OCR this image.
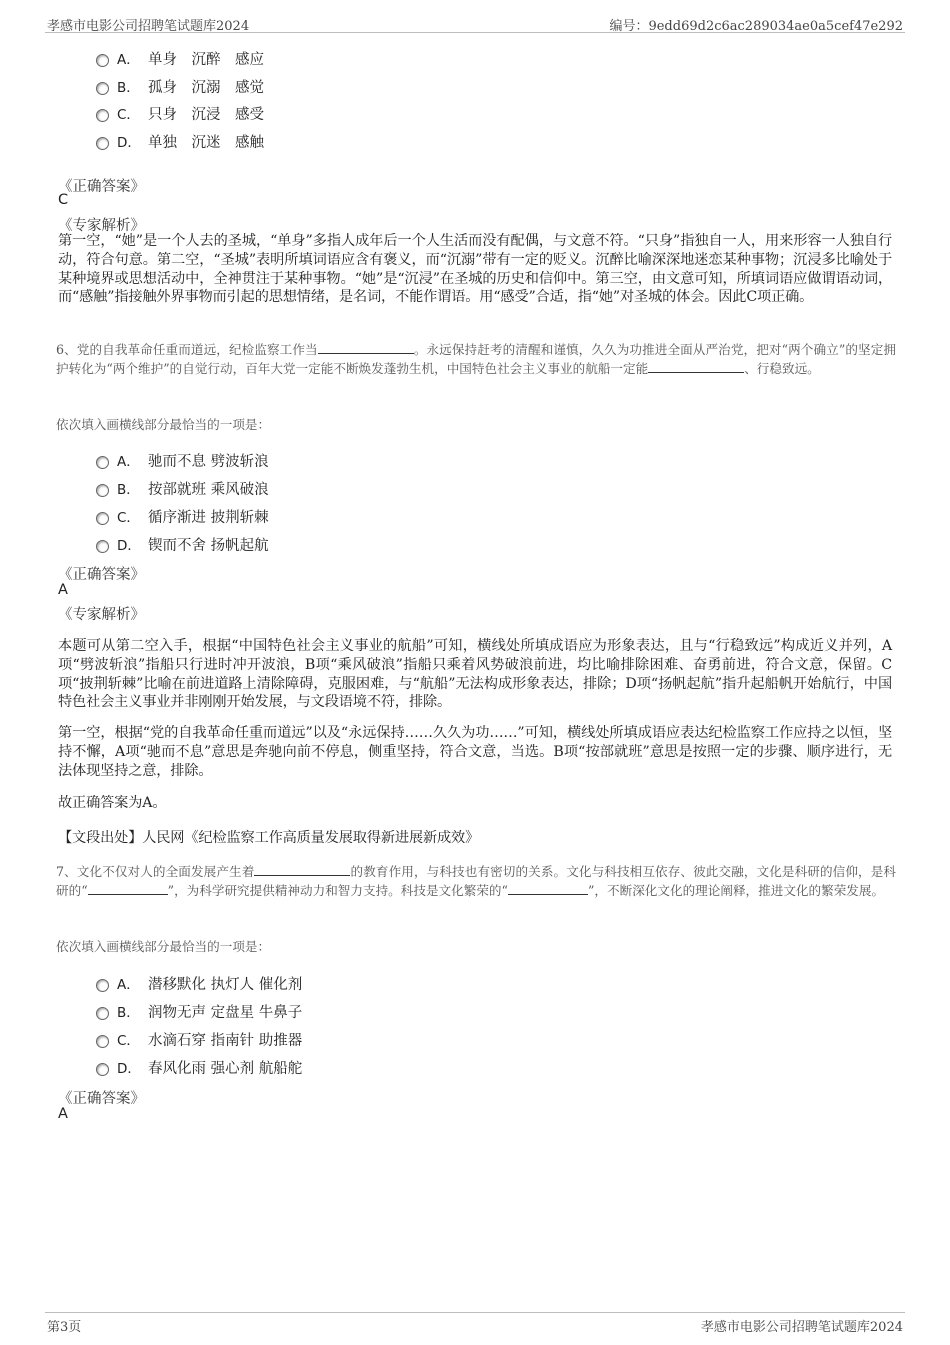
孝感市电影公司招聘笔试题库2024	编号：9edd69d2c6ac289034ae0a5cef47e292
A． 单身　沉醉　感应
B． 孤身　沉溺　感觉
C． 只身　沉浸　感受
D． 单独　沉迷　感触
《正确答案》
C
《专家解析》

第一空，“她”是一个人去的圣城，“单身”多指人成年后一个人生活而没有配偶，与文意不符。“只身”指独自一人，用来形容一人独自行动，符合句意。第二空，“圣城”表明所填词语应含有褒义，而“沉溺”带有一定的贬义。沉醉比喻深深地迷恋某种事物；沉浸多比喻处于某种境界或思想活动中，全神贯注于某种事物。“她”是“沉浸”在圣城的历史和信仰中。第三空，由文意可知，所填词语应做谓语动词，而“感触”指接触外界事物而引起的思想情绪，是名词，不能作谓语。用“感受”合适，指“她”对圣城的体会。因此C项正确。

6、党的自我革命任重而道远，纪检监察工作当	。永远保持赶考的清醒和谨慎，久久为功推进全面从严治党，把对“两个确立”的坚定拥护转化为“两个维护”的自觉行动，百年大党一定能不断焕发蓬勃生机，中国特色社会主义事业的航船一定能	、行稳致远。

依次填入画横线部分最恰当的一项是：
A． 驰而不息 劈波斩浪
B． 按部就班 乘风破浪
C． 循序渐进 披荆斩棘
D． 锲而不舍 扬帆起航
《正确答案》
A
《专家解析》

本题可从第二空入手，根据“中国特色社会主义事业的航船”可知，横线处所填成语应为形象表达，且与“行稳致远”构成近义并列，A项“劈波斩浪”指船只行进时冲开波浪，B项“乘风破浪”指船只乘着风势破浪前进，均比喻排除困难、奋勇前进，符合文意，保留。C项“披荆斩棘”比喻在前进道路上清除障碍，克服困难，与“航船”无法构成形象表达，排除；D项“扬帆起航”指升起船帆开始航行，中国特色社会主义事业并非刚刚开始发展，与文段语境不符，排除。

第一空，根据“党的自我革命任重而道远”以及“永远保持……久久为功……”可知，横线处所填成语应表达纪检监察工作应持之以恒，坚持不懈，A项“驰而不息”意思是奔驰向前不停息，侧重坚持，符合文意，当选。B项“按部就班”意思是按照一定的步骤、顺序进行，无法体现坚持之意，排除。

故正确答案为A。

【文段出处】人民网《纪检监察工作高质量发展取得新进展新成效》

7、文化不仅对人的全面发展产生着	的教育作用，与科技也有密切的关系。文化与科技相互依存、彼此交融，文化是科研的信仰，是科研的“	”，为科学研究提供精神动力和智力支持。科技是文化繁荣的“	”，不断深化文化的理论阐释，推进文化的繁荣发展。

依次填入画横线部分最恰当的一项是：
A． 潜移默化 执灯人 催化剂
B． 润物无声 定盘星 牛鼻子
C． 水滴石穿 指南针 助推器
D． 春风化雨 强心剂 航船舵
《正确答案》
A
第3页	孝感市电影公司招聘笔试题库2024
